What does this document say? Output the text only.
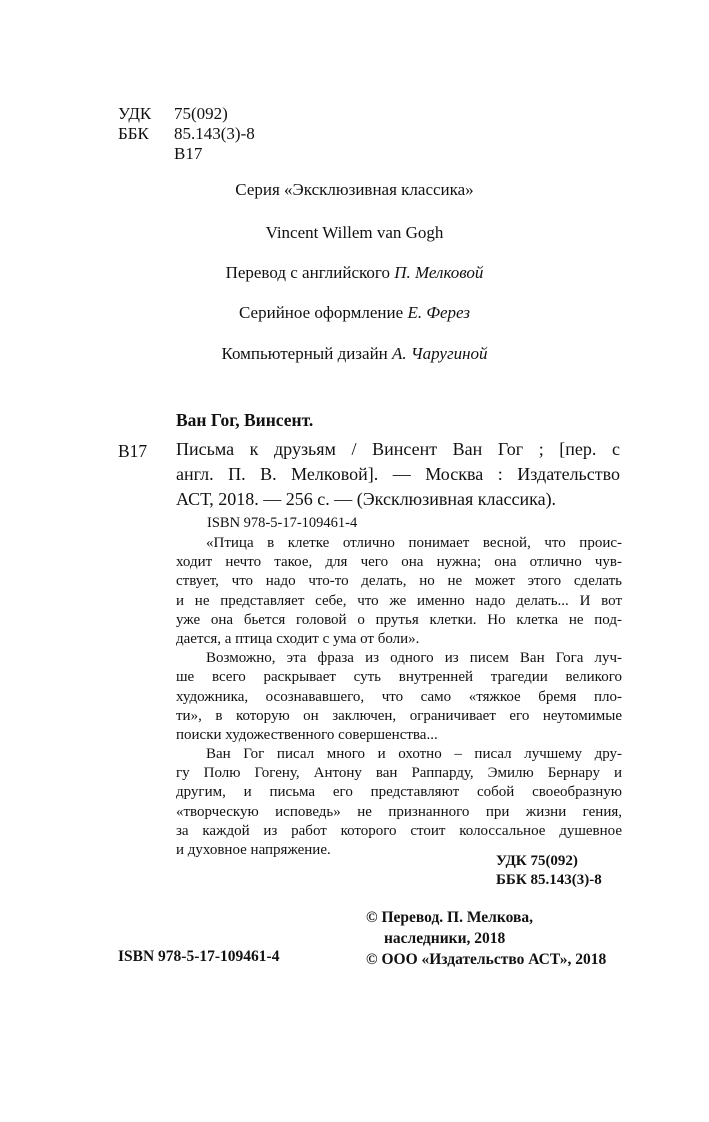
УДК	75(092)
ББК	85.143(3)-8
В17
Серия «Эксклюзивная классика»
Vincent Willem van Gogh
Перевод с английского П. Мелковой
Серийное оформление Е. Ферез
Компьютерный дизайн А. Чаругиной
Ван Гог, Винсент.
В17 Письма к друзьям / Винсент Ван Гог ; [пер. с
англ. П. В. Мелковой]. — Москва : Издательство
АСТ, 2018. — 256 с. — (Эксклюзивная классика).
ISBN 978-5-17-109461-4
«Птица в клетке отлично понимает весной, что проис-
ходит нечто такое, для чего она нужна; она отлично чув-
ствует, что надо что-то делать, но не может этого сделать
и не представляет себе, что же именно надо делать... И вот
уже она бьется головой о прутья клетки. Но клетка не под-
дается, а птица сходит с ума от боли».
Возможно, эта фраза из одного из писем Ван Гога луч-
ше всего раскрывает суть внутренней трагедии великого
художника, осознававшего, что само «тяжкое бремя пло-
ти», в которую он заключен, ограничивает его неутомимые
поиски художественного совершенства...
Ван Гог писал много и охотно – писал лучшему дру-
гу Полю Гогену, Антону ван Раппарду, Эмилю Бернару и
другим, и письма его представляют собой своеобразную
«творческую исповедь» не признанного при жизни гения,
за каждой из работ которого стоит колоссальное душевное
и духовное напряжение.
УДК 75(092)
ББК 85.143(3)-8
© Перевод. П. Мелкова,
наследники, 2018
© ООО «Издательство АСТ», 2018
ISBN 978-5-17-109461-4
